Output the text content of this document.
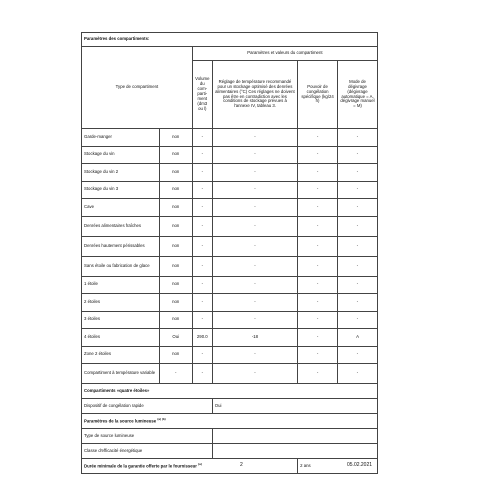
Paramètres des compartiments:					
Type de compartiment		Paramètres et valeurs du compartiment			
		Volume du com-parti-ment (dm3 ou l)	Réglage de température recommandé pour un stockage optimisé des denrées alimentaires (°C) Ces réglages ne doivent pas être en contradiction avec les conditions de stockage prévues à l'annexe IV, tableau 3.	Pouvoir de congélation spécifique (kg/24 h)	Mode de dégivrage (dégivrage automatique = A, dégivrage manuel = M)
Garde-manger	non	-	-	-	-
Stockage du vin	non	-	-	-	-
Stockage du vin 2	non	-	-	-	-
Stockage du vin 3	non	-	-	-	-
Cave	non	-	-	-	-
Denrées alimentaires fraîches	non	-	-	-	-
Denrées hautement périssables	non	-	-	-	-
Sans étoile ou fabrication de glace	non	-	-	-	-
1 étoile	non	-	-	-	-
2 étoiles	non	-	-	-	-
3 étoiles	non	-	-	-	-
4 étoiles	Oui	290.0	-18	-	A
Zone 2 étoiles	non	-	-	-	-
Compartiment à température variable	-	-	-	-	-
Compartiments «quatre étoiles»					
Dispositif de congélation rapide			Oui		
Paramètres de la source lumineuse $^{(a) (b)}$
Type de source lumineuse					
Classe d'efficacité énergétique					
Durée minimale de la garantie offerte par le fournisseur $^{(a)}$				2 ans	
2	05.02.2021
